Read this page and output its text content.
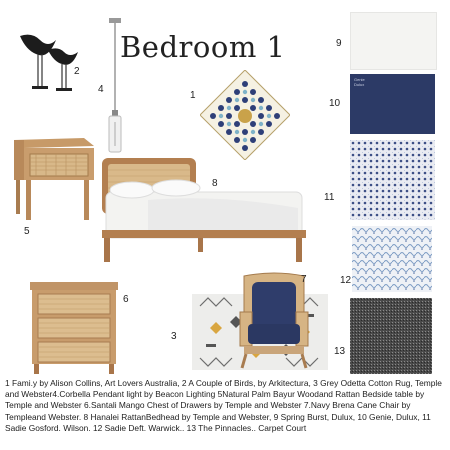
Bedroom 1
2
4
1
5
8
6
3
7
9
Genie
Dulux
10
11
12
13
1 Fami.y by Alison Collins, Art Lovers Australia, 2 A Couple of Birds, by Arkitectura, 3 Grey Odetta Cotton Rug, Temple and Webster4.Corbella Pendant light by Beacon Lighting 5Natural Palm Bayur Woodand Rattan Bedside table by Temple and Webster 6.Santali Mango Chest of Drawers by Temple and Webster 7.Navy Brena Cane Chair by Templeand Webster. 8 Hanalei RattanBedhead by Temple and Webster, 9 Spring Burst, Dulux, 10 Genie, Dulux, 11 Sadie Gosford. Wilson. 12 Sadie Deft. Warwick.. 13 The Pinnacles.. Carpet Court
